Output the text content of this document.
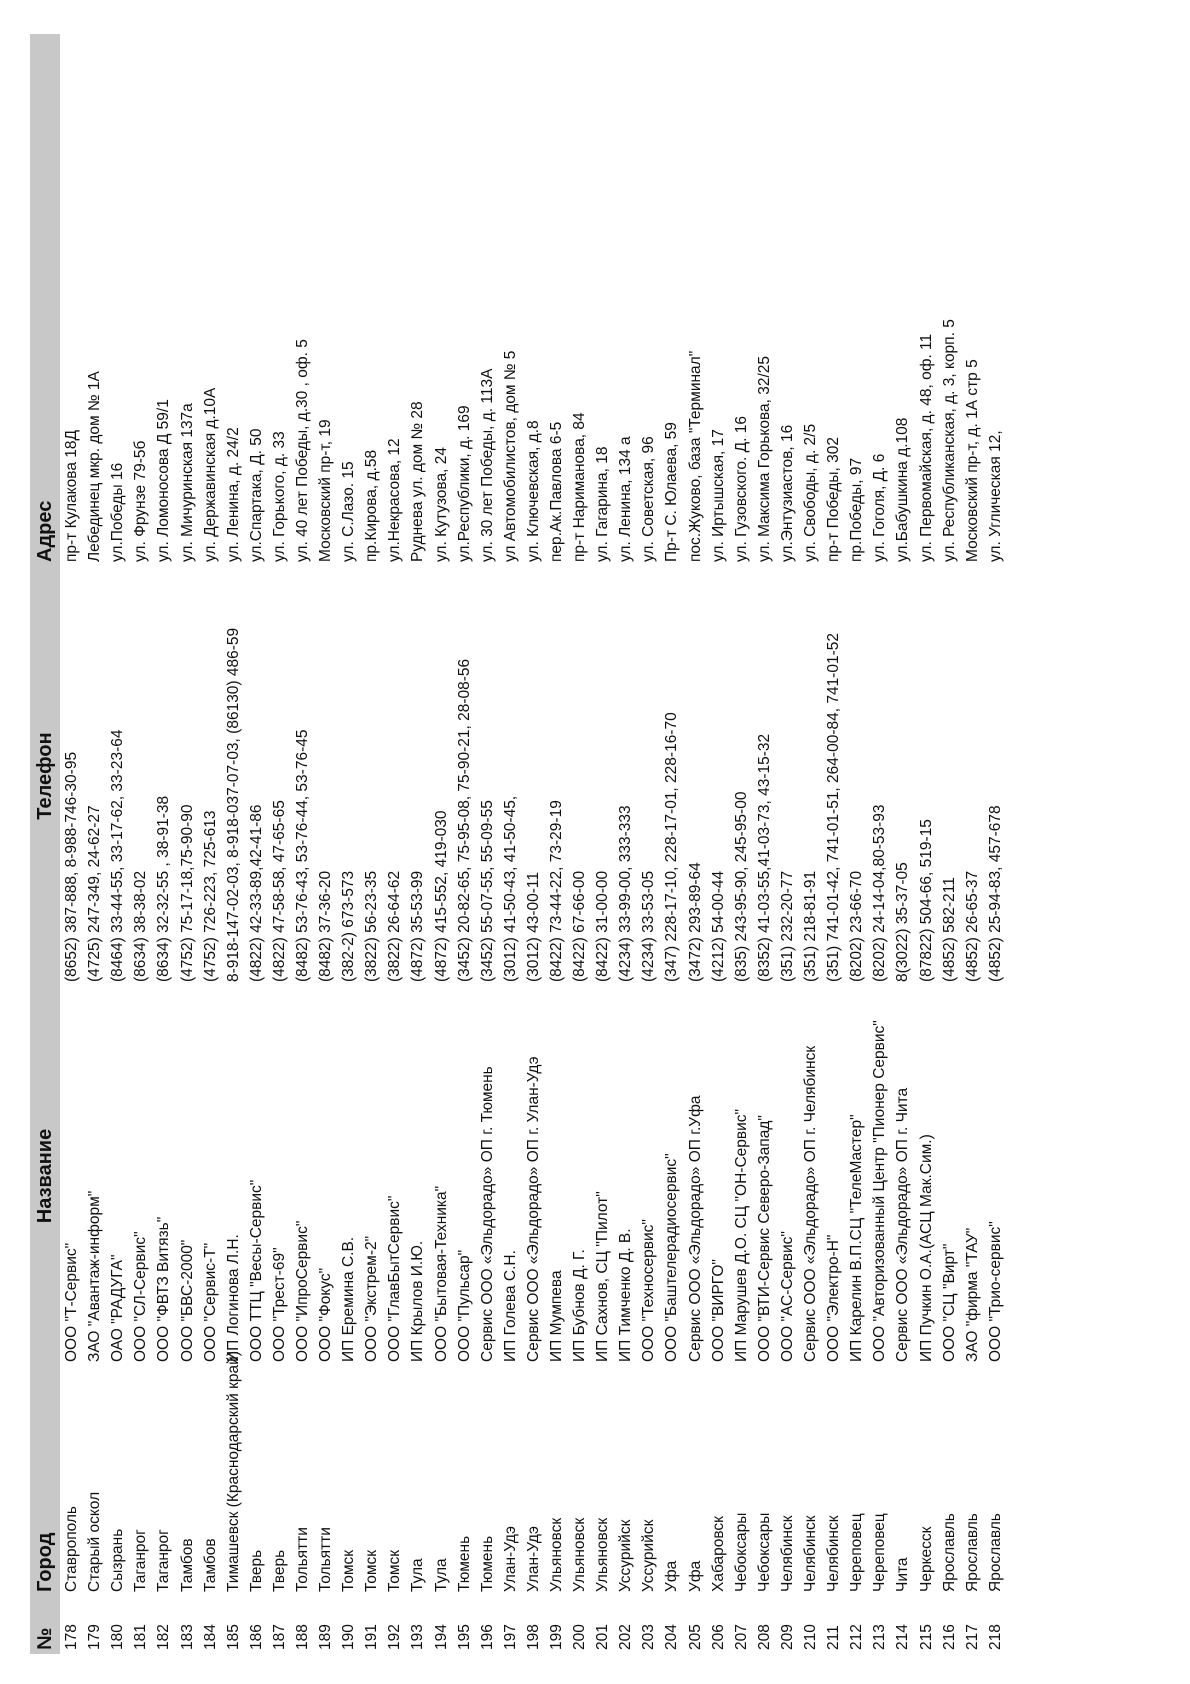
№	Город	Название	Телефон	Адрес
178	Ставрополь	ООО "Т-Сервис"	(8652) 387-888, 8-988-746-30-95	пр-т Кулакова 18Д
179	Старый оскол	ЗАО "Авантаж-информ"	(4725) 247-349, 24-62-27	Лебединец мкр. дом № 1А
180	Сызрань	ОАО "РАДУГА"	(8464) 33-44-55, 33-17-62, 33-23-64	ул.Победы 16
181	Таганрог	ООО "СЛ-Сервис"	(8634) 38-38-02	ул. Фрунзе 79-5б
182	Таганрог	ООО "ФВТЗ Витязь"	(8634) 32-32-55 , 38-91-38	ул. Ломоносова Д 59/1
183	Тамбов	ООО "БВС-2000"	(4752) 75-17-18,75-90-90	ул. Мичуринская 137а
184	Тамбов	ООО "Сервис-Т"	(4752) 726-223, 725-613	ул. Державинская д.10А
185	Тимашевск (Краснодарский край)	ИП Логинова Л.Н.	8-918-147-02-03, 8-918-037-07-03, (86130) 486-59	ул. Ленина, д. 24/2
186	Тверь	ООО ТТЦ "Весы-Сервис"	(4822) 42-33-89,42-41-86	ул.Спартака, Д. 50
187	Тверь	ООО "Трест-69"	(4822) 47-58-58, 47-65-65	ул. Горького, д. 33
188	Тольятти	ООО "ИпроСервис"	(8482) 53-76-43, 53-76-44, 53-76-45	ул. 40 лет Победы, д.30 , оф. 5
189	Тольятти	ООО "Фокус"	(8482) 37-36-20	Московский пр-т, 19
190	Томск	ИП Еремина С.В.	(382-2) 673-573	ул. С.Лазо. 15
191	Томск	ООО "Экстрем-2"	(3822) 56-23-35	пр.Кирова, д.58
192	Томск	ООО "ГлавБытСервис"	(3822) 26-64-62	ул.Некрасова, 12
193	Тула	ИП Крылов И.Ю.	(4872) 35-53-99	Руднева ул. дом № 28
194	Тула	ООО "Бытовая-Техника"	(4872) 415-552, 419-030	ул. Кутузова, 24
195	Тюмень	ООО "Пульсар"	(3452) 20-82-65, 75-95-08, 75-90-21, 28-08-56	ул.Республики, д. 169
196	Тюмень	Сервис ООО «Эльдорадо» ОП г. Тюмень	(3452) 55-07-55, 55-09-55	ул. 30 лет Победы, д. 113А
197	Улан-Удэ	ИП Голева С.Н.	(3012) 41-50-43, 41-50-45,	ул Автомобилистов, дом № 5
198	Улан-Удэ	Сервис ООО «Эльдорадо» ОП г. Улан-Удэ	(3012) 43-00-11	ул. Ключевская, д.8
199	Ульяновск	ИП Мумпева	(8422) 73-44-22, 73-29-19	пер.Ак.Павлова 6-5
200	Ульяновск	ИП Бубнов Д. Г.	(8422) 67-66-00	пр-т Нариманова, 84
201	Ульяновск	ИП Сахнов, СЦ "Пилот"	(8422) 31-00-00	ул. Гагарина, 18
202	Уссурийск	ИП Тимченко Д. В.	(4234) 33-99-00, 333-333	ул. Ленина, 134 а
203	Уссурийск	ООО "Техносервис"	(4234) 33-53-05	ул. Советская, 96
204	Уфа	ООО "Баштелерадиосервис"	(347) 228-17-10, 228-17-01, 228-16-70	Пр-т С. Юлаева, 59
205	Уфа	Сервис ООО «Эльдорадо» ОП г.Уфа	(3472) 293-89-64	пос.Жуково, база "Терминал"
206	Хабаровск	ООО "ВИРГО"	(4212) 54-00-44	ул. Иртышская, 17
207	Чебоксары	ИП Марушев Д.О. СЦ "ОН-Сервис"	(835) 243-95-90, 245-95-00	ул. Гузовского. Д. 16
208	Чебоксары	ООО "ВТИ-Сервис Северо-Запад"	(8352) 41-03-55,41-03-73, 43-15-32	ул. Максима Горькова, 32/25
209	Челябинск	ООО "АС-Сервис"	(351) 232-20-77	ул.Энтузиастов, 16
210	Челябинск	Сервис ООО «Эльдорадо» ОП г. Челябинск	(351) 218-81-91	ул. Свободы, д. 2/5
211	Челябинск	ООО "Электро-Н"	(351) 741-01-42, 741-01-51, 264-00-84, 741-01-52	пр-т Победы, 302
212	Череповец	ИП Карелин В.П.СЦ "ТелеМастер"	(8202) 23-66-70	пр.Победы, 97
213	Череповец	ООО "Авторизованный Центр "Пионер Сервис"	(8202) 24-14-04,80-53-93	ул. Гоголя, Д. 6
214	Чита	Сервис ООО «Эльдорадо» ОП г. Чита	8(3022) 35-37-05	ул.Бабушкина д.108
215	Черкесск	ИП Пучкин О.А.(АСЦ Мак.Сим.)	(87822) 504-66, 519-15	ул. Первомайская, д. 48, оф. 11
216	Ярославль	ООО "СЦ "Вирт"	(4852) 582-211	ул. Республиканская, д. 3, корп. 5
217	Ярославль	ЗАО "фирма "ТАУ"	(4852) 26-65-37	Московский пр-т, д. 1А стр 5
218	Ярославль	ООО "Трио-сервис"	(4852) 25-94-83, 457-678	ул. Углическая 12,
